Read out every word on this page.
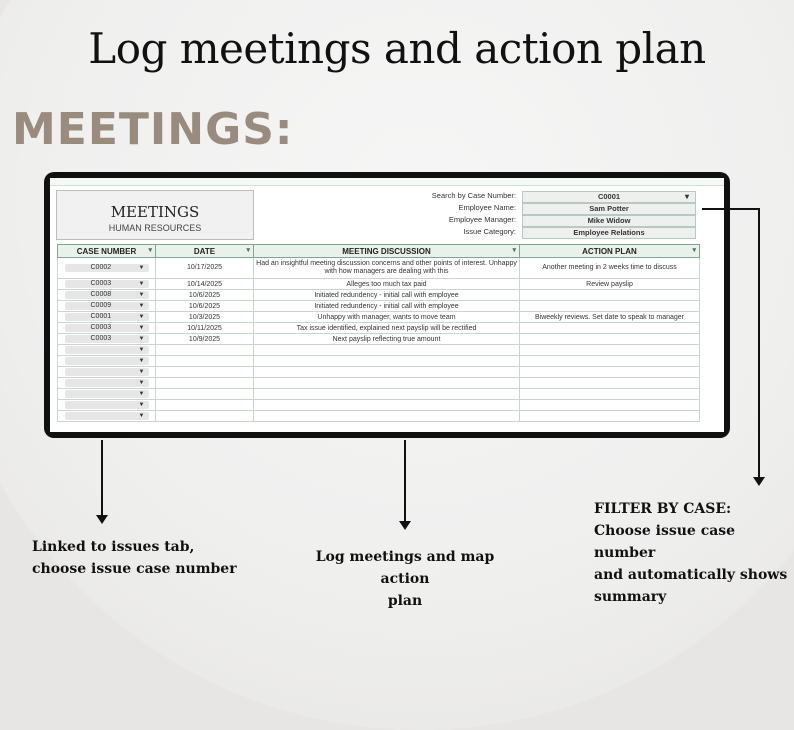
Log meetings and action plan
MEETINGS:
MEETINGS
HUMAN RESOURCES
Search by Case Number:	C0001 ▾
Employee Name:	Sam Potter
Employee Manager:	Mike Widow
Issue Category:	Employee Relations
CASE NUMBER ▾	DATE ▾	MEETING DISCUSSION ▾	ACTION PLAN ▾

C0002 ▼	10/17/2025	Had an insightful meeting discussion concerns and other points of interest. Unhappy with how managers are dealing with this	Another meeting in 2 weeks time to discuss

C0003 ▼	10/14/2025	Alleges too much tax paid	Review payslip

C0008 ▼	10/6/2025	Initiated redundency - initial call with employee	

C0009 ▼	10/6/2025	Initiated redundency - initial call with employee	

C0001 ▼	10/3/2025	Unhappy with manager, wants to move team	Biweekly reviews. Set date to speak to manager

C0003 ▼	10/11/2025	Tax issue identified, explained next payslip will be rectified	

C0003 ▼	10/9/2025	Next payslip reflecting true amount	

▼			

▼			

▼			

▼			

▼			

▼			

▼			

Linked to issues tab,
choose issue case number
Log meetings and map action
plan
FILTER BY CASE:
Choose issue case number
and automatically shows
summary
